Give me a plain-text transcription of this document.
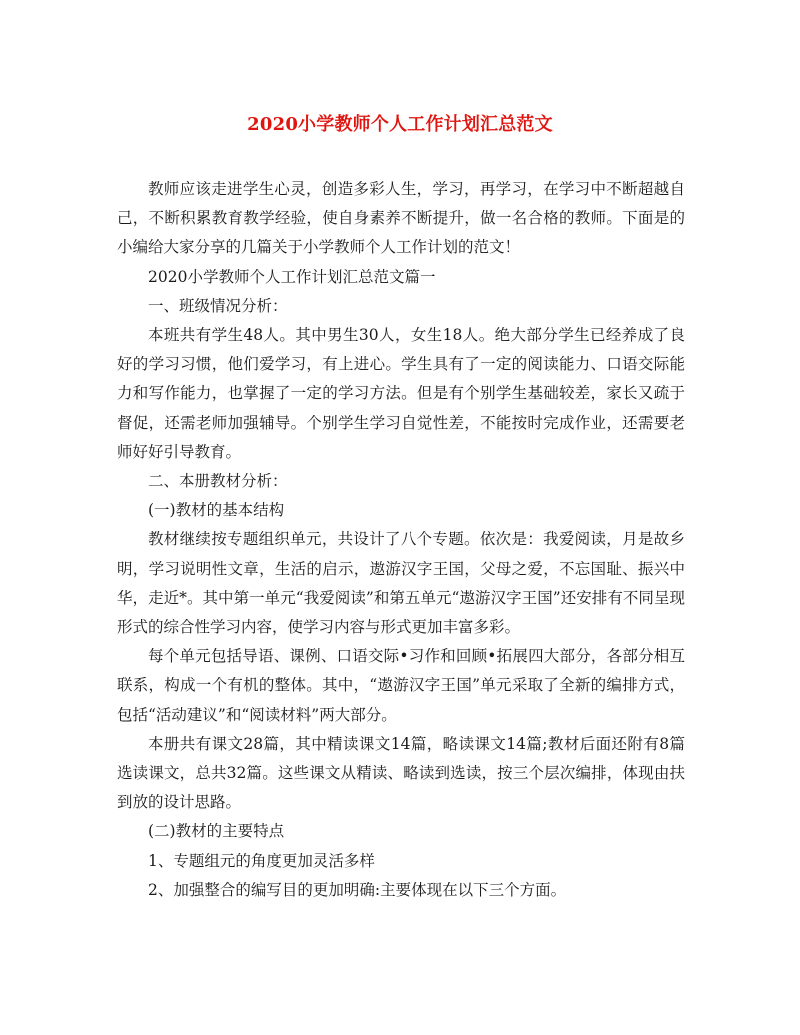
2020小学教师个人工作计划汇总范文

教师应该走进学生心灵，创造多彩人生，学习，再学习，在学习中不断超越自己，不断积累教育教学经验，使自身素养不断提升，做一名合格的教师。下面是的小编给大家分享的几篇关于小学教师个人工作计划的范文！

2020小学教师个人工作计划汇总范文篇一

一、班级情况分析：

本班共有学生48人。其中男生30人，女生18人。绝大部分学生已经养成了良好的学习习惯，他们爱学习，有上进心。学生具有了一定的阅读能力、口语交际能力和写作能力，也掌握了一定的学习方法。但是有个别学生基础较差，家长又疏于督促，还需老师加强辅导。个别学生学习自觉性差，不能按时完成作业，还需要老师好好引导教育。

二、本册教材分析：

(一)教材的基本结构

教材继续按专题组织单元，共设计了八个专题。依次是：我爱阅读，月是故乡明，学习说明性文章，生活的启示，遨游汉字王国，父母之爱，不忘国耻、振兴中华，走近*。其中第一单元“我爱阅读”和第五单元“遨游汉字王国”还安排有不同呈现形式的综合性学习内容，使学习内容与形式更加丰富多彩。

每个单元包括导语、课例、口语交际•习作和回顾•拓展四大部分，各部分相互联系，构成一个有机的整体。其中，“遨游汉字王国”单元采取了全新的编排方式，包括“活动建议”和“阅读材料”两大部分。

本册共有课文28篇，其中精读课文14篇，略读课文14篇;教材后面还附有8篇选读课文，总共32篇。这些课文从精读、略读到选读，按三个层次编排，体现由扶到放的设计思路。

(二)教材的主要特点

1、专题组元的角度更加灵活多样

2、加强整合的编写目的更加明确:主要体现在以下三个方面。
